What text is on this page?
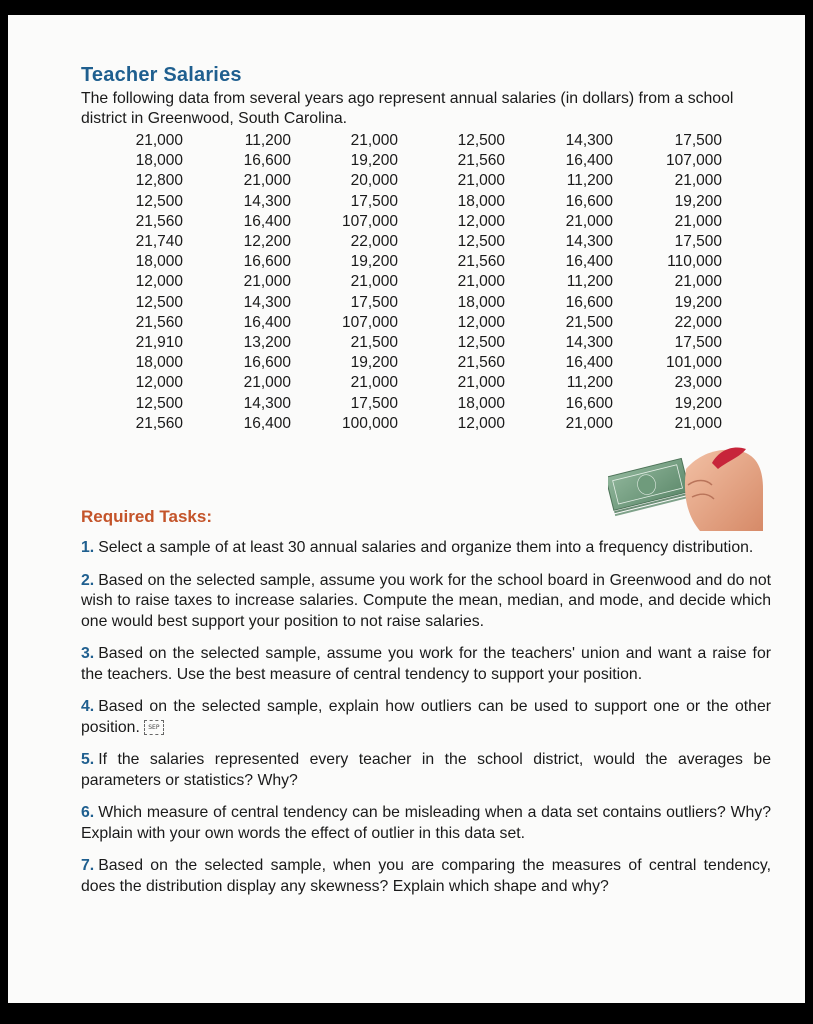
Teacher Salaries

The following data from several years ago represent annual salaries (in dollars) from a school district in Greenwood, South Carolina.

21,000	11,200	21,000	12,500	14,300	17,500
18,000	16,600	19,200	21,560	16,400	107,000
12,800	21,000	20,000	21,000	11,200	21,000
12,500	14,300	17,500	18,000	16,600	19,200
21,560	16,400	107,000	12,000	21,000	21,000
21,740	12,200	22,000	12,500	14,300	17,500
18,000	16,600	19,200	21,560	16,400	110,000
12,000	21,000	21,000	21,000	11,200	21,000
12,500	14,300	17,500	18,000	16,600	19,200
21,560	16,400	107,000	12,000	21,500	22,000
21,910	13,200	21,500	12,500	14,300	17,500
18,000	16,600	19,200	21,560	16,400	101,000
12,000	21,000	21,000	21,000	11,200	23,000
12,500	14,300	17,500	18,000	16,600	19,200
21,560	16,400	100,000	12,000	21,000	21,000
Required Tasks:
1. Select a sample of at least 30 annual salaries and organize them into a frequency distribution.
2. Based on the selected sample, assume you work for the school board in Greenwood and do not wish to raise taxes to increase salaries. Compute the mean, median, and mode, and decide which one would best support your position to not raise salaries.
3. Based on the selected sample, assume you work for the teachers' union and want a raise for the teachers. Use the best measure of central tendency to support your position.
4. Based on the selected sample, explain how outliers can be used to support one or the other position. SEP
5. If the salaries represented every teacher in the school district, would the averages be parameters or statistics? Why?
6. Which measure of central tendency can be misleading when a data set contains outliers? Why? Explain with your own words the effect of outlier in this data set.
7. Based on the selected sample, when you are comparing the measures of central tendency, does the distribution display any skewness? Explain which shape and why?
